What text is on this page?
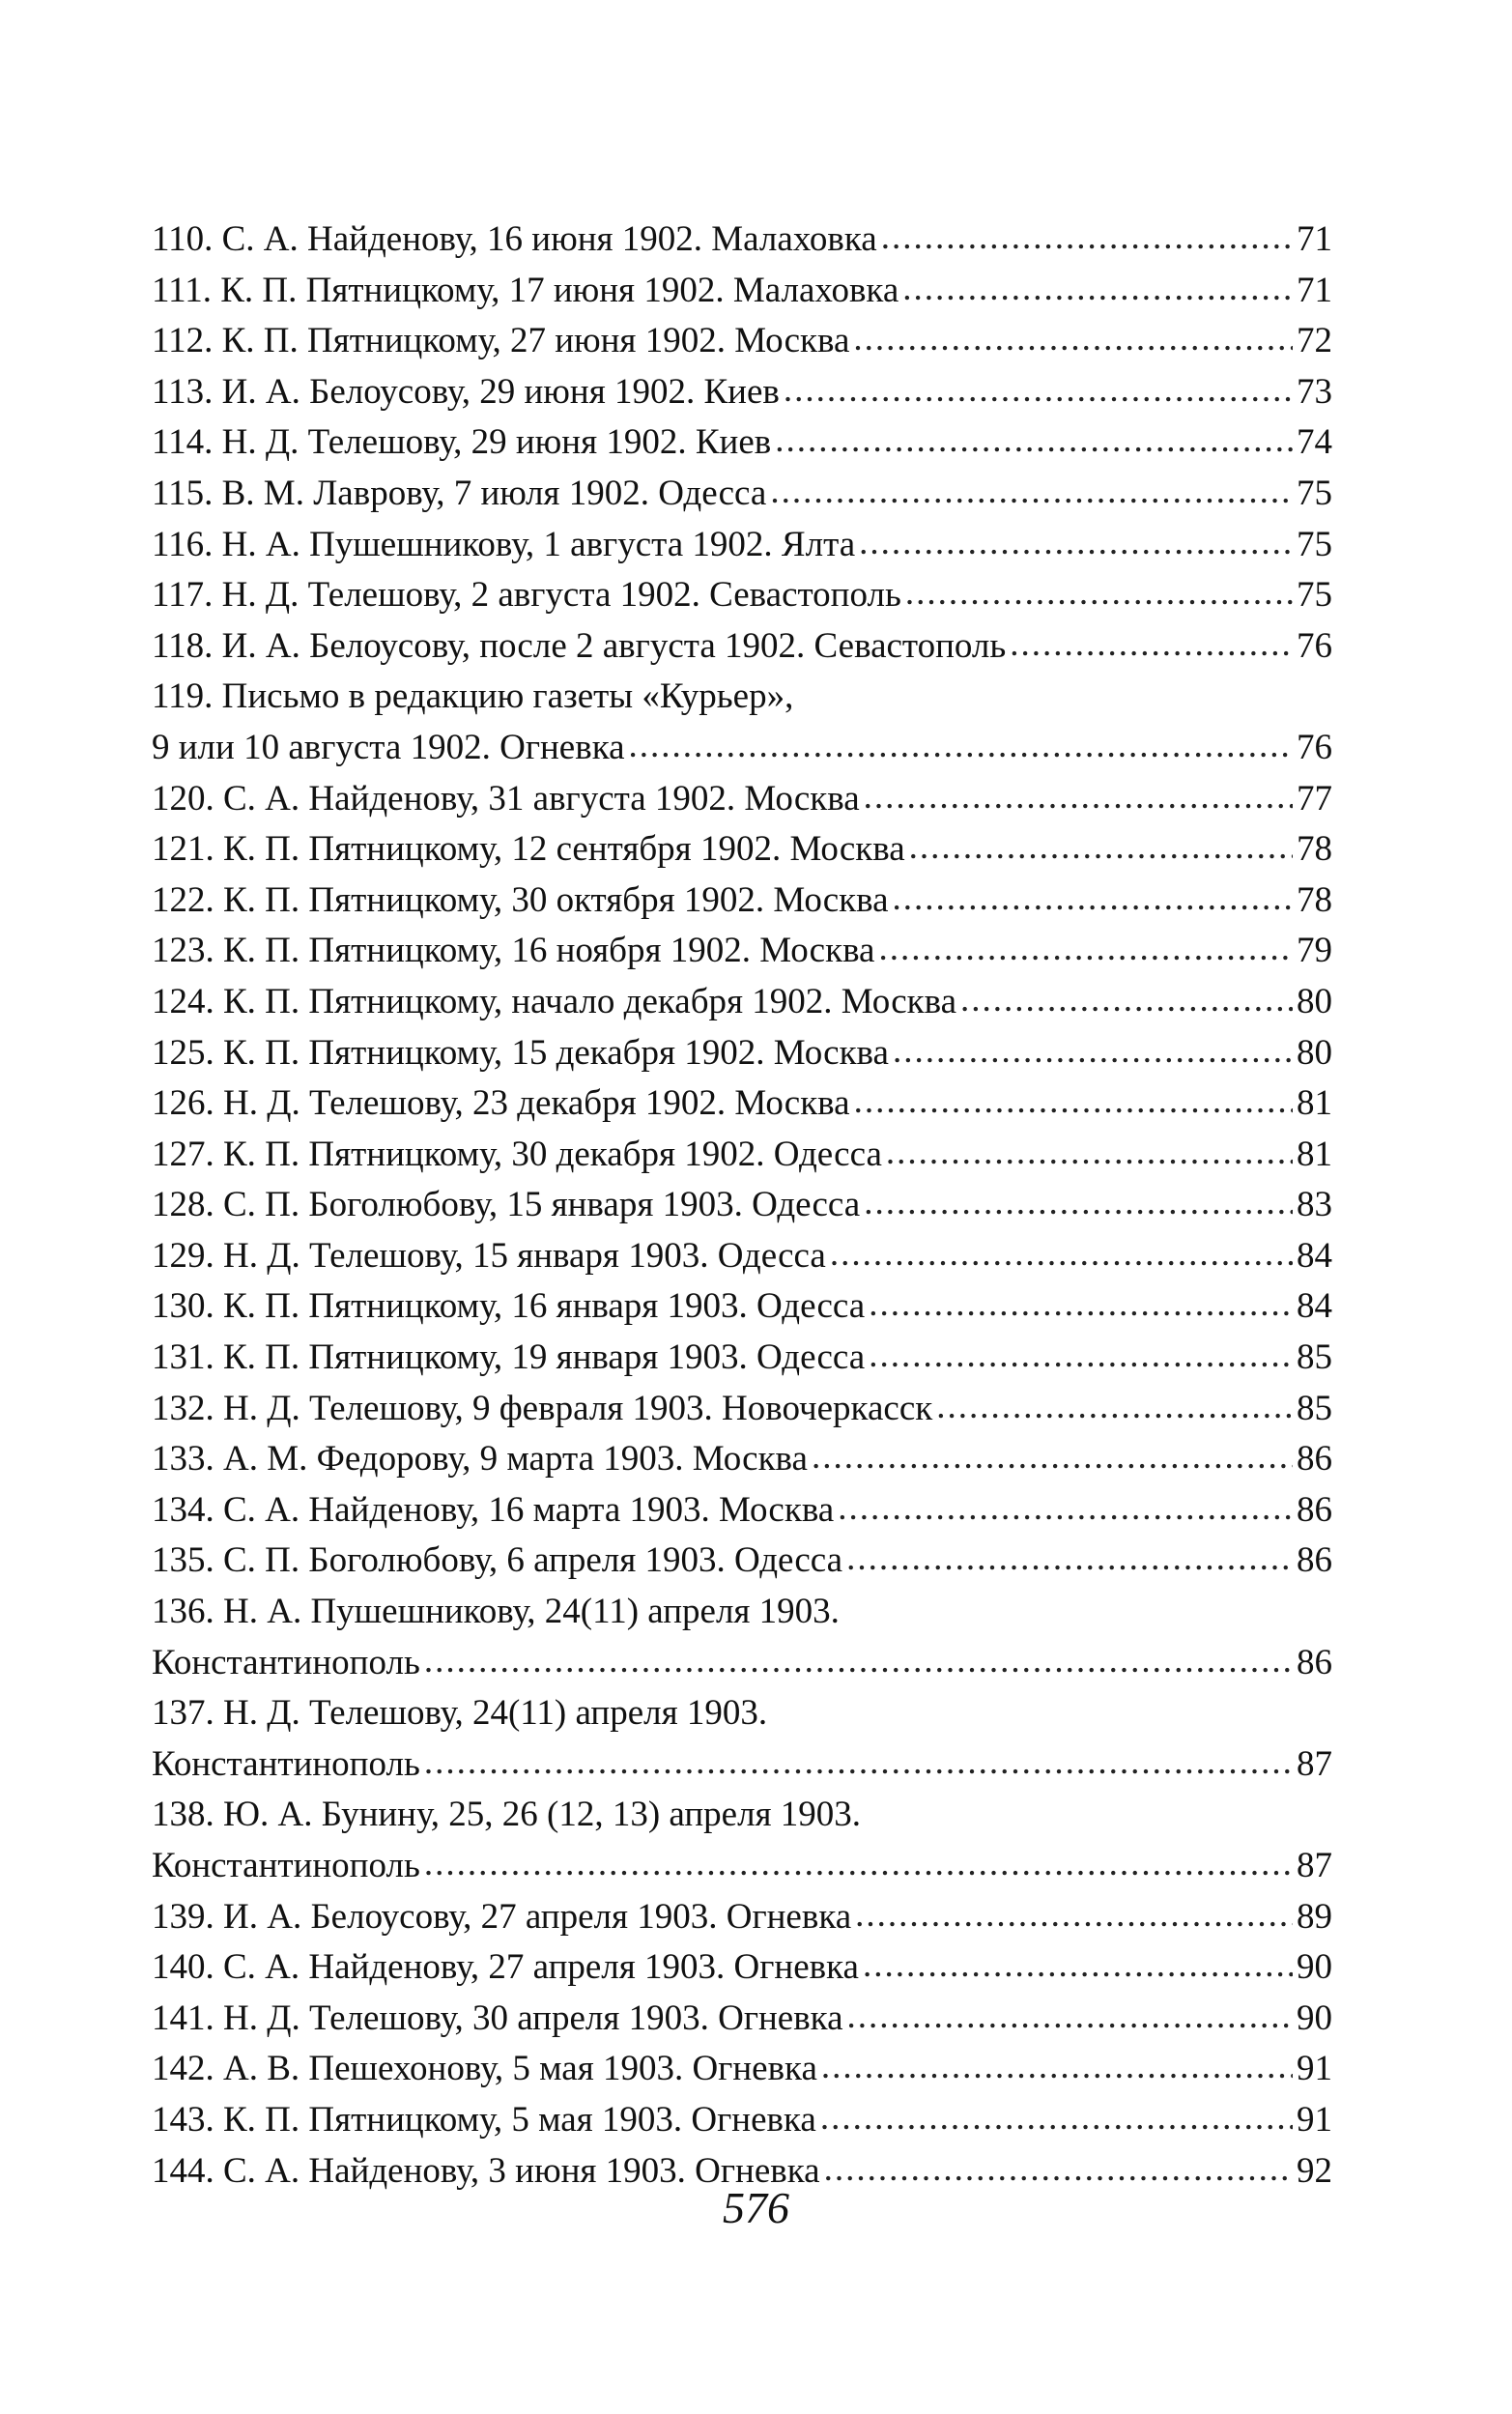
110. С. А. Найденову, 16 июня 1902. Малаховка .....	71
111. К. П. Пятницкому, 17 июня 1902. Малаховка .....	71
112. К. П. Пятницкому, 27 июня 1902. Москва .....	72
113. И. А. Белоусову, 29 июня 1902. Киев .....	73
114. Н. Д. Телешову, 29 июня 1902. Киев .....	74
115. В. М. Лаврову, 7 июля 1902. Одесса .....	75
116. Н. А. Пушешникову, 1 августа 1902. Ялта .....	75
117. Н. Д. Телешову, 2 августа 1902. Севастополь .....	75
118. И. А. Белоусову, после 2 августа 1902. Севастополь .....	76
119. Письмо в редакцию газеты «Курьер»,
9 или 10 августа 1902. Огневка .....	76
120. С. А. Найденову, 31 августа 1902. Москва .....	77
121. К. П. Пятницкому, 12 сентября 1902. Москва .....	78
122. К. П. Пятницкому, 30 октября 1902. Москва .....	78
123. К. П. Пятницкому, 16 ноября 1902. Москва .....	79
124. К. П. Пятницкому, начало декабря 1902. Москва .....	80
125. К. П. Пятницкому, 15 декабря 1902. Москва .....	80
126. Н. Д. Телешову, 23 декабря 1902. Москва .....	81
127. К. П. Пятницкому, 30 декабря 1902. Одесса .....	81
128. С. П. Боголюбову, 15 января 1903. Одесса .....	83
129. Н. Д. Телешову, 15 января 1903. Одесса .....	84
130. К. П. Пятницкому, 16 января 1903. Одесса .....	84
131. К. П. Пятницкому, 19 января 1903. Одесса .....	85
132. Н. Д. Телешову, 9 февраля 1903. Новочеркасск .....	85
133. А. М. Федорову, 9 марта 1903. Москва .....	86
134. С. А. Найденову, 16 марта 1903. Москва .....	86
135. С. П. Боголюбову, 6 апреля 1903. Одесса .....	86
136. Н. А. Пушешникову, 24(11) апреля 1903.
Константинополь .....	86
137. Н. Д. Телешову, 24(11) апреля 1903.
Константинополь .....	87
138. Ю. А. Бунину, 25, 26 (12, 13) апреля 1903.
Константинополь .....	87
139. И. А. Белоусову, 27 апреля 1903. Огневка .....	89
140. С. А. Найденову, 27 апреля 1903. Огневка .....	90
141. Н. Д. Телешову, 30 апреля 1903. Огневка .....	90
142. А. В. Пешехонову, 5 мая 1903. Огневка .....	91
143. К. П. Пятницкому, 5 мая 1903. Огневка .....	91
144. С. А. Найденову, 3 июня 1903. Огневка .....	92
576
